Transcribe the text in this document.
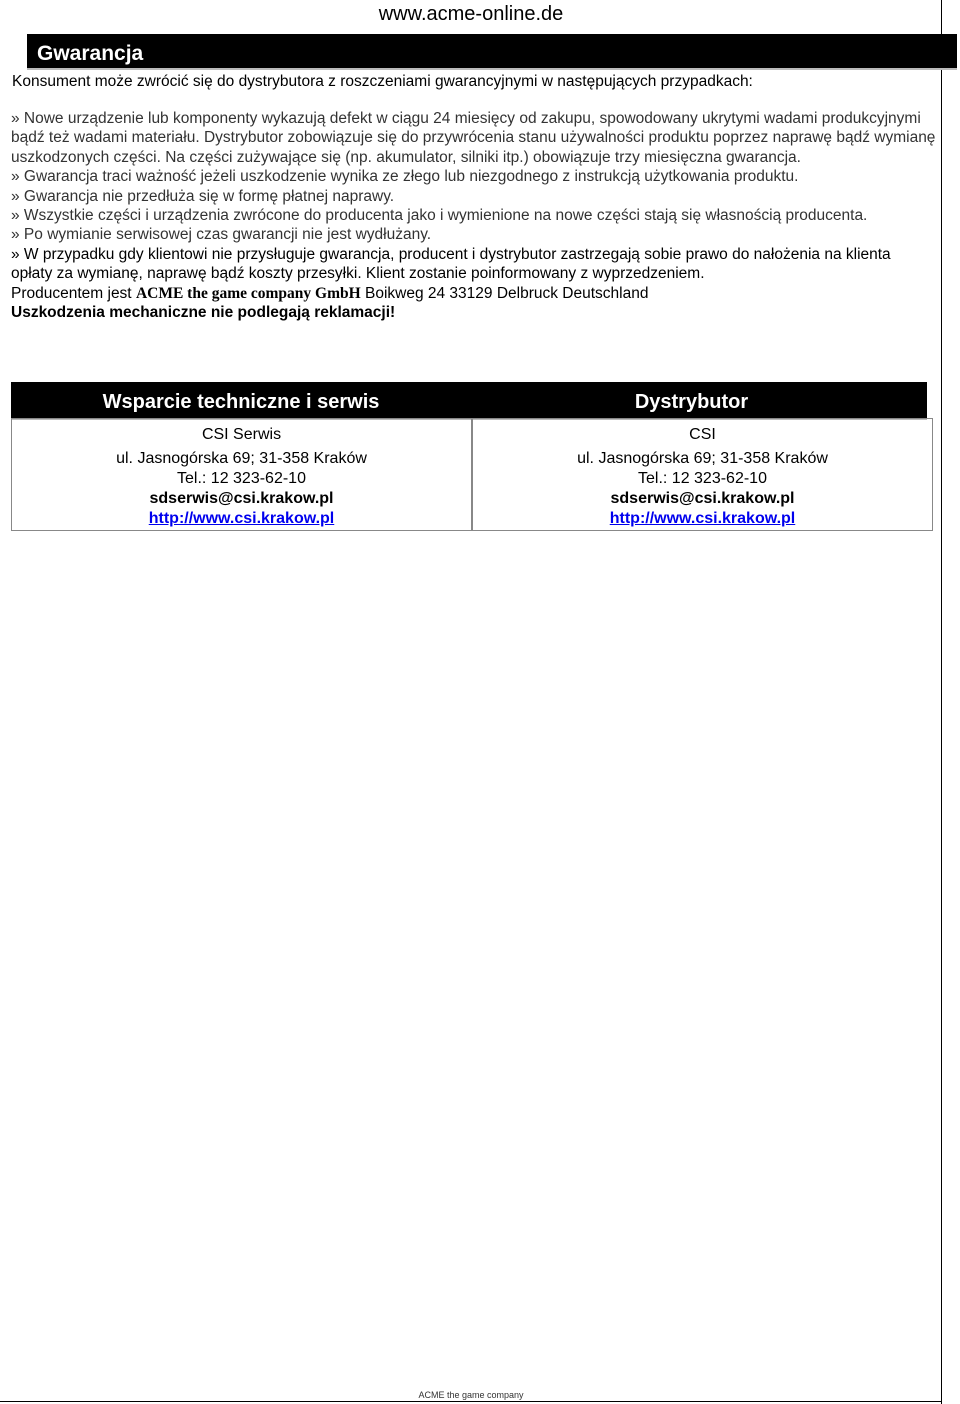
www.acme-online.de
Gwarancja
Konsument może zwrócić się do dystrybutora z roszczeniami gwarancyjnymi w następujących przypadkach:

» Nowe urządzenie lub komponenty wykazują defekt w ciągu 24 miesięcy od zakupu, spowodowany ukrytymi wadami produkcyjnymi bądź też wadami materiału. Dystrybutor zobowiązuje się do przywrócenia stanu używalności produktu poprzez naprawę bądź wymianę uszkodzonych części. Na części zużywające się (np. akumulator, silniki itp.) obowiązuje trzy miesięczna gwarancja.

» Gwarancja traci ważność jeżeli uszkodzenie wynika ze złego lub niezgodnego z instrukcją użytkowania produktu.

» Gwarancja nie przedłuża się w formę płatnej naprawy.

» Wszystkie części i urządzenia zwrócone do producenta jako i wymienione na nowe części stają się własnością producenta.

» Po wymianie serwisowej czas gwarancji nie jest wydłużany.

» W przypadku gdy klientowi nie przysługuje gwarancja, producent i dystrybutor zastrzegają sobie prawo do nałożenia na klienta opłaty za wymianę, naprawę bądź koszty przesyłki. Klient zostanie poinformowany z wyprzedzeniem.

Producentem jest ACME the game company GmbH Boikweg 24 33129 Delbruck Deutschland

Uszkodzenia mechaniczne nie podlegają reklamacji!

Wsparcie techniczne i serwis	Dystrybutor
CSI Serwis
ul. Jasnogórska 69; 31-358 Kraków
Tel.: 12 323-62-10
sdserwis@csi.krakow.pl
http://www.csi.krakow.pl
CSI
ul. Jasnogórska 69; 31-358 Kraków
Tel.: 12 323-62-10
sdserwis@csi.krakow.pl
http://www.csi.krakow.pl
ACME the game company
